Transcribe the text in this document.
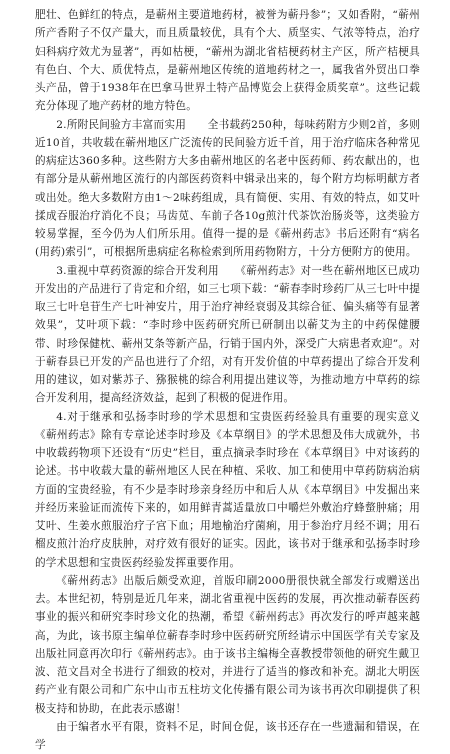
肥壮、色鲜红的特点，是蕲州主要道地药材，被誉为蕲丹参”；又如香附，“蕲州所产香附子不仅产量大，而且质量较优，具有个大、质坚实、气浓等特点，治疗妇科病疗效尤为显著”，再如枯梗，“蕲州为湖北省桔梗药材主产区，所产桔梗具有色白、个大、质优特点，是蕲州地区传统的道地药材之一，属我省外贸出口拳头产品，曾于1938年在巴拿马世界土特产品博览会上获得金质奖章”。这些记载充分体现了地产药材的地方特色。

2.所附民间验方丰富而实用　　全书载药250种，每味药附方少则2首，多则近10首，共收载在蕲州地区广泛流传的民间验方近千首，用于治疗临床各种常见的病症达360多种。这些附方大多由蕲州地区的名老中医药师、药农献出的，也有部分是从蕲州地区流行的内部医药资料中辑录出来的，每个附方均标明献方者或出处。绝大多数附方由1～2味药组成，具有简便、实用、有效的特点，如艾叶揉成吞服治疗消化不良；马齿苋、车前子各10g煎汁代茶饮治肠炎等，这类验方较易掌握，至今仍为人们所乐用。值得一提的是《蕲州药志》书后还附有“病名(用药)索引”，可根据所患病症名称检索到所用药物附方，十分方便附方的使用。

3.重视中草药资源的综合开发利用　　《蕲州药志》对一些在蕲州地区已成功开发出的产品进行了肯定和介绍，如三七项下载：“蕲春李时珍药厂从三七叶中提取三七叶皂苷生产七叶神安片，用于治疗神经衰弱及其综合征、偏头痛等有显著效果”，艾叶项下载：“李时珍中医药研究所已研制出以蕲艾为主的中药保健腰带、时珍保健枕、蕲州艾条等新产品，行销于国内外，深受广大病患者欢迎”。对于蕲春县已开发的产品也进行了介绍，对有开发价值的中草药提出了综合开发利用的建议，如对紫苏子、猕猴桃的综合利用提出建议等，为推动地方中草药的综合开发利用，提高经济效益，起到了积极的促进作用。

4.对于继承和弘扬李时珍的学术思想和宝贵医药经验具有重要的现实意义　　《蕲州药志》除有专章论述李时珍及《本草纲目》的学术思想及伟大成就外，书中收载药物项下还设有“历史”栏目，重点摘录李时珍在《本草纲目》中对该药的论述。书中收载大量的蕲州地区人民在种植、采收、加工和使用中草药防病治病方面的宝贵经验，有不少是李时珍亲身经历中和后人从《本草纲目》中发掘出来并经历来验证而流传下来的，如用鲜青蒿适量放口中嚼烂外敷治疗蜂螫肿痛；用艾叶、生姜水煎服治疗子宫下血；用地榆治疗菌痢，用于参治疗月经不调；用石榴皮煎汁治疗皮肤肿，对疗效有很好的证实。因此，该书对于继承和弘扬李时珍的学术思想和宝贵医药经验发挥重要作用。

《蕲州药志》出版后颇受欢迎，首版印刷2000册很快就全部发行或赠送出去。本世纪初，特别是近几年来，湖北省重视中医药的发展，再次推动蕲春医药事业的振兴和研究李时珍文化的热潮，希望《蕲州药志》再次发行的呼声越来越高，为此，该书原主编单位蕲春李时珍中医药研究所经请示中国医学有关专家及出版社同意再次印行《蕲州药志》。由于该书主编梅全喜教授带领他的研究生戴卫波、范文昌对全书进行了细致的校对，并进行了适当的修改和补充。湖北大明医药产业有限公司和广东中山市五柱坊文化传播有限公司为该书再次印刷提供了积极支持和协助，在此表示感谢！

由于编者水平有限，资料不足，时间仓促，该书还存在一些遗漏和错误，在学
